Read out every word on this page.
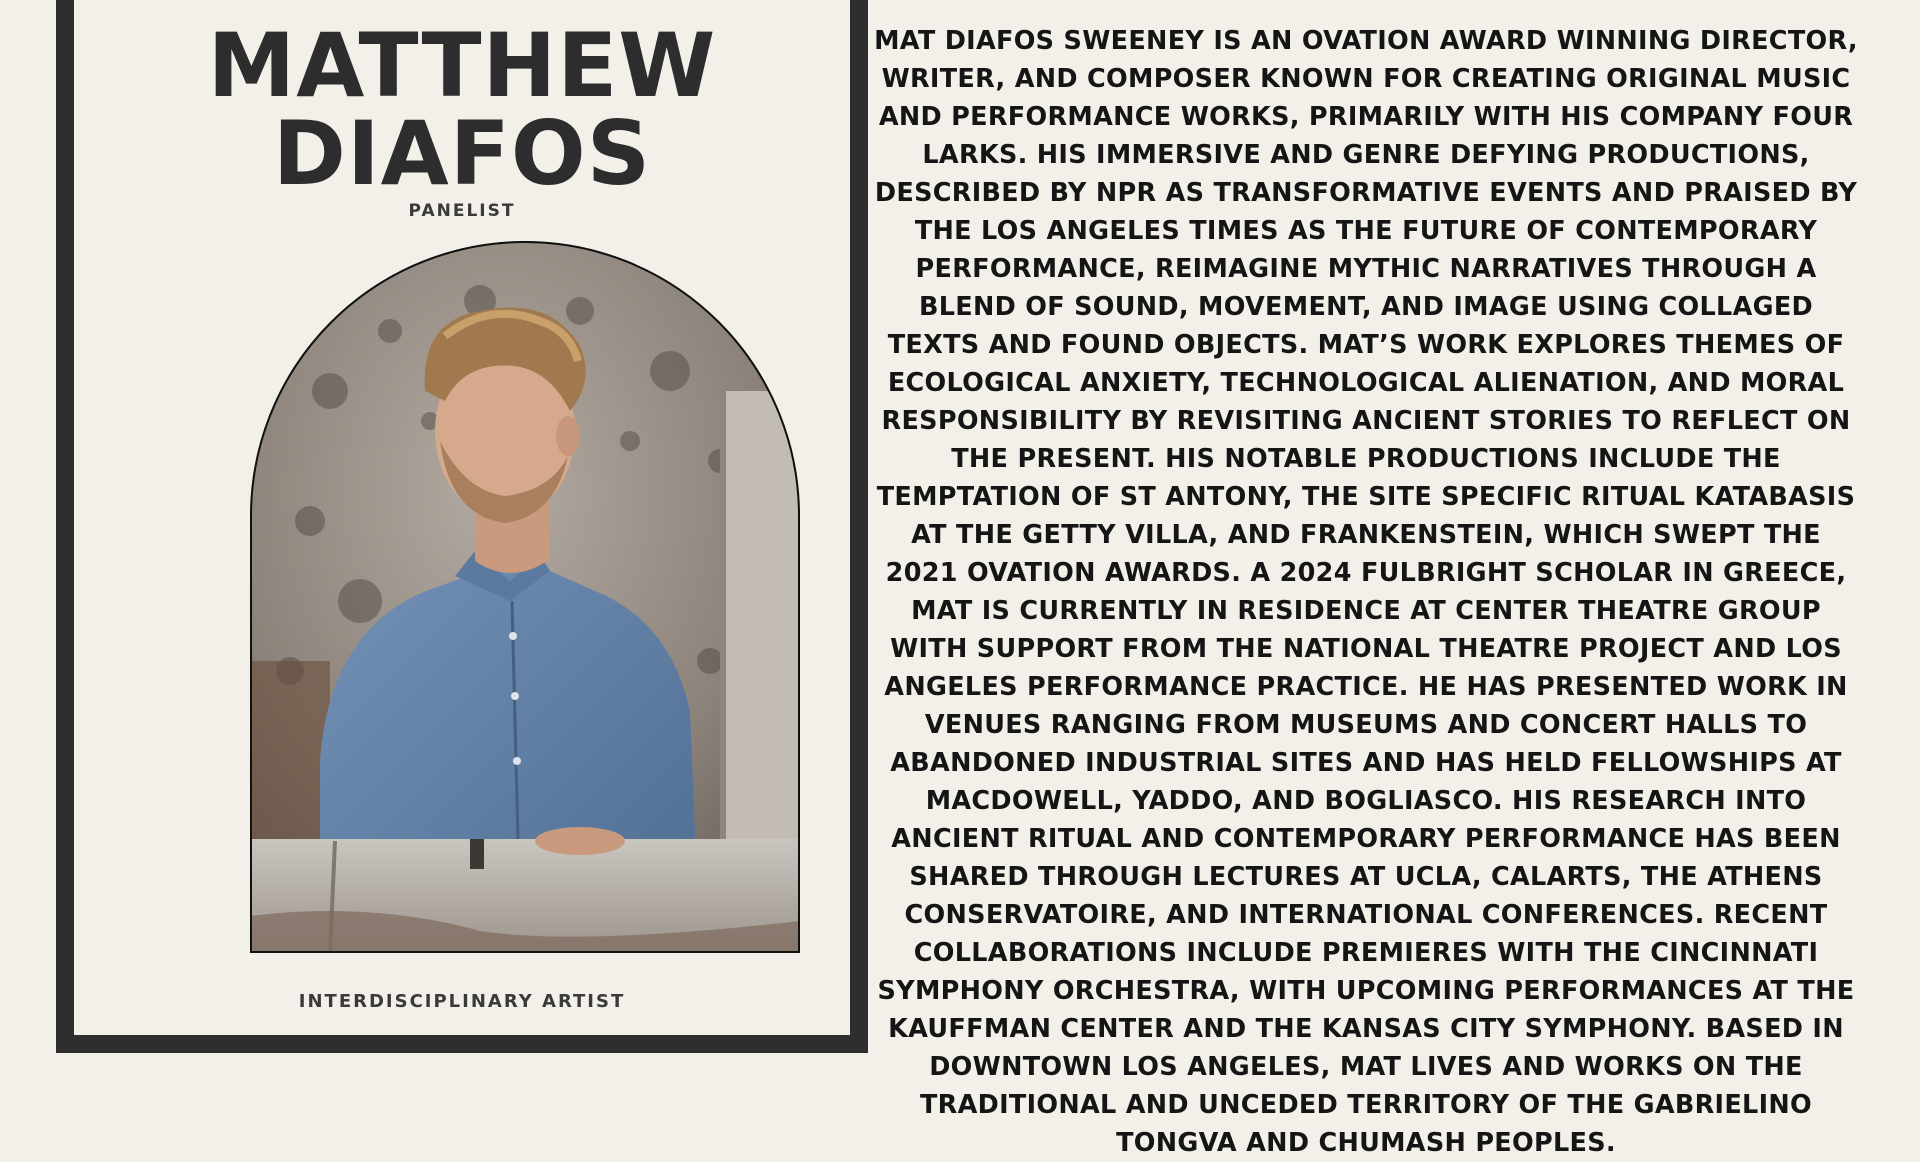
MATTHEW
DIAFOS
PANELIST
INTERDISCIPLINARY ARTIST

MAT DIAFOS SWEENEY IS AN OVATION AWARD WINNING DIRECTOR, WRITER, AND COMPOSER KNOWN FOR CREATING ORIGINAL MUSIC AND PERFORMANCE WORKS, PRIMARILY WITH HIS COMPANY FOUR LARKS. HIS IMMERSIVE AND GENRE DEFYING PRODUCTIONS, DESCRIBED BY NPR AS TRANSFORMATIVE EVENTS AND PRAISED BY THE LOS ANGELES TIMES AS THE FUTURE OF CONTEMPORARY PERFORMANCE, REIMAGINE MYTHIC NARRATIVES THROUGH A BLEND OF SOUND, MOVEMENT, AND IMAGE USING COLLAGED TEXTS AND FOUND OBJECTS. MAT’S WORK EXPLORES THEMES OF ECOLOGICAL ANXIETY, TECHNOLOGICAL ALIENATION, AND MORAL RESPONSIBILITY BY REVISITING ANCIENT STORIES TO REFLECT ON THE PRESENT. HIS NOTABLE PRODUCTIONS INCLUDE THE TEMPTATION OF ST ANTONY, THE SITE SPECIFIC RITUAL KATABASIS AT THE GETTY VILLA, AND FRANKENSTEIN, WHICH SWEPT THE 2021 OVATION AWARDS. A 2024 FULBRIGHT SCHOLAR IN GREECE, MAT IS CURRENTLY IN RESIDENCE AT CENTER THEATRE GROUP WITH SUPPORT FROM THE NATIONAL THEATRE PROJECT AND LOS ANGELES PERFORMANCE PRACTICE. HE HAS PRESENTED WORK IN VENUES RANGING FROM MUSEUMS AND CONCERT HALLS TO ABANDONED INDUSTRIAL SITES AND HAS HELD FELLOWSHIPS AT MACDOWELL, YADDO, AND BOGLIASCO. HIS RESEARCH INTO ANCIENT RITUAL AND CONTEMPORARY PERFORMANCE HAS BEEN SHARED THROUGH LECTURES AT UCLA, CALARTS, THE ATHENS CONSERVATOIRE, AND INTERNATIONAL CONFERENCES. RECENT COLLABORATIONS INCLUDE PREMIERES WITH THE CINCINNATI SYMPHONY ORCHESTRA, WITH UPCOMING PERFORMANCES AT THE KAUFFMAN CENTER AND THE KANSAS CITY SYMPHONY. BASED IN DOWNTOWN LOS ANGELES, MAT LIVES AND WORKS ON THE TRADITIONAL AND UNCEDED TERRITORY OF THE GABRIELINO TONGVA AND CHUMASH PEOPLES.
